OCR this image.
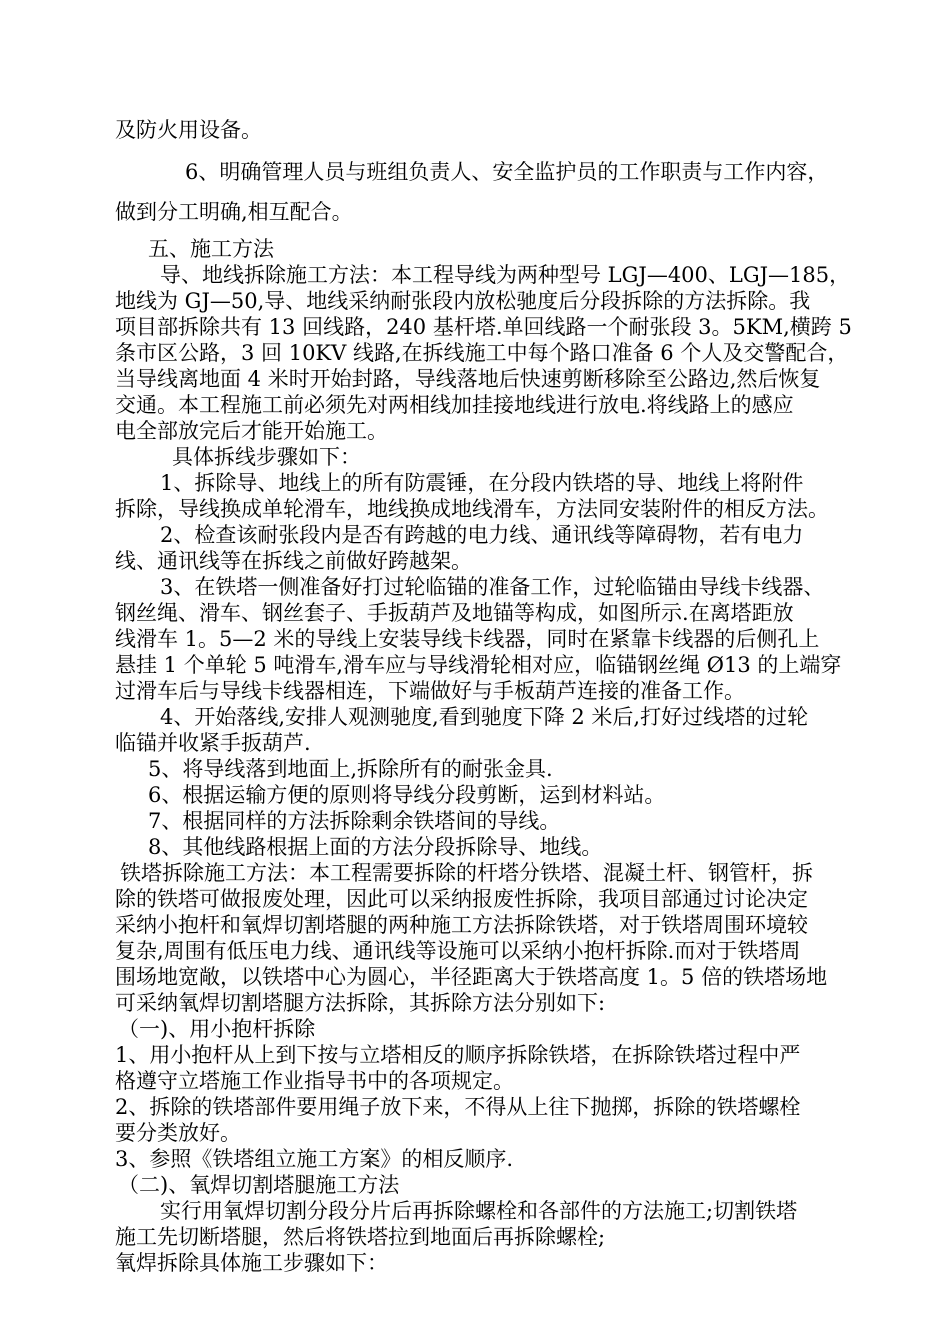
及防火用设备。
6、明确管理人员与班组负责人、安全监护员的工作职责与工作内容，
做到分工明确,相互配合。
五、施工方法
导、地线拆除施工方法：本工程导线为两种型号 LGJ—400、LGJ—185，
地线为 GJ—50,导、地线采纳耐张段内放松驰度后分段拆除的方法拆除。我
项目部拆除共有 13 回线路，240 基杆塔.单回线路一个耐张段 3。5KM,横跨 5
条市区公路，3 回 10KV 线路,在拆线施工中每个路口准备 6 个人及交警配合，
当导线离地面 4 米时开始封路，导线落地后快速剪断移除至公路边,然后恢复
交通。本工程施工前必须先对两相线加挂接地线进行放电.将线路上的感应
电全部放完后才能开始施工。
具体拆线步骤如下：
1、拆除导、地线上的所有防震锤，在分段内铁塔的导、地线上将附件
拆除，导线换成单轮滑车，地线换成地线滑车，方法同安装附件的相反方法。
2、检查该耐张段内是否有跨越的电力线、通讯线等障碍物，若有电力
线、通讯线等在拆线之前做好跨越架。
3、在铁塔一侧准备好打过轮临锚的准备工作，过轮临锚由导线卡线器、
钢丝绳、滑车、钢丝套子、手扳葫芦及地锚等构成，如图所示.在离塔距放
线滑车 1。5—2 米的导线上安装导线卡线器，同时在紧靠卡线器的后侧孔上
悬挂 1 个单轮 5 吨滑车,滑车应与导线滑轮相对应，临锚钢丝绳 Ø13 的上端穿
过滑车后与导线卡线器相连，下端做好与手板葫芦连接的准备工作。
4、开始落线,安排人观测驰度,看到驰度下降 2 米后,打好过线塔的过轮
临锚并收紧手扳葫芦.
5、将导线落到地面上,拆除所有的耐张金具.
6、根据运输方便的原则将导线分段剪断，运到材料站。
7、根据同样的方法拆除剩余铁塔间的导线。
8、其他线路根据上面的方法分段拆除导、地线。
铁塔拆除施工方法：本工程需要拆除的杆塔分铁塔、混凝土杆、钢管杆，拆
除的铁塔可做报废处理，因此可以采纳报废性拆除，我项目部通过讨论决定
采纳小抱杆和氧焊切割塔腿的两种施工方法拆除铁塔，对于铁塔周围环境较
复杂,周围有低压电力线、通讯线等设施可以采纳小抱杆拆除.而对于铁塔周
围场地宽敞，以铁塔中心为圆心，半径距离大于铁塔高度 1。5 倍的铁塔场地
可采纳氧焊切割塔腿方法拆除，其拆除方法分别如下:
（一)、用小抱杆拆除
1、用小抱杆从上到下按与立塔相反的顺序拆除铁塔，在拆除铁塔过程中严
格遵守立塔施工作业指导书中的各项规定。
2、拆除的铁塔部件要用绳子放下来，不得从上往下抛掷，拆除的铁塔螺栓
要分类放好。
3、参照《铁塔组立施工方案》的相反顺序.
（二)、氧焊切割塔腿施工方法
实行用氧焊切割分段分片后再拆除螺栓和各部件的方法施工;切割铁塔
施工先切断塔腿，然后将铁塔拉到地面后再拆除螺栓;
氧焊拆除具体施工步骤如下：
